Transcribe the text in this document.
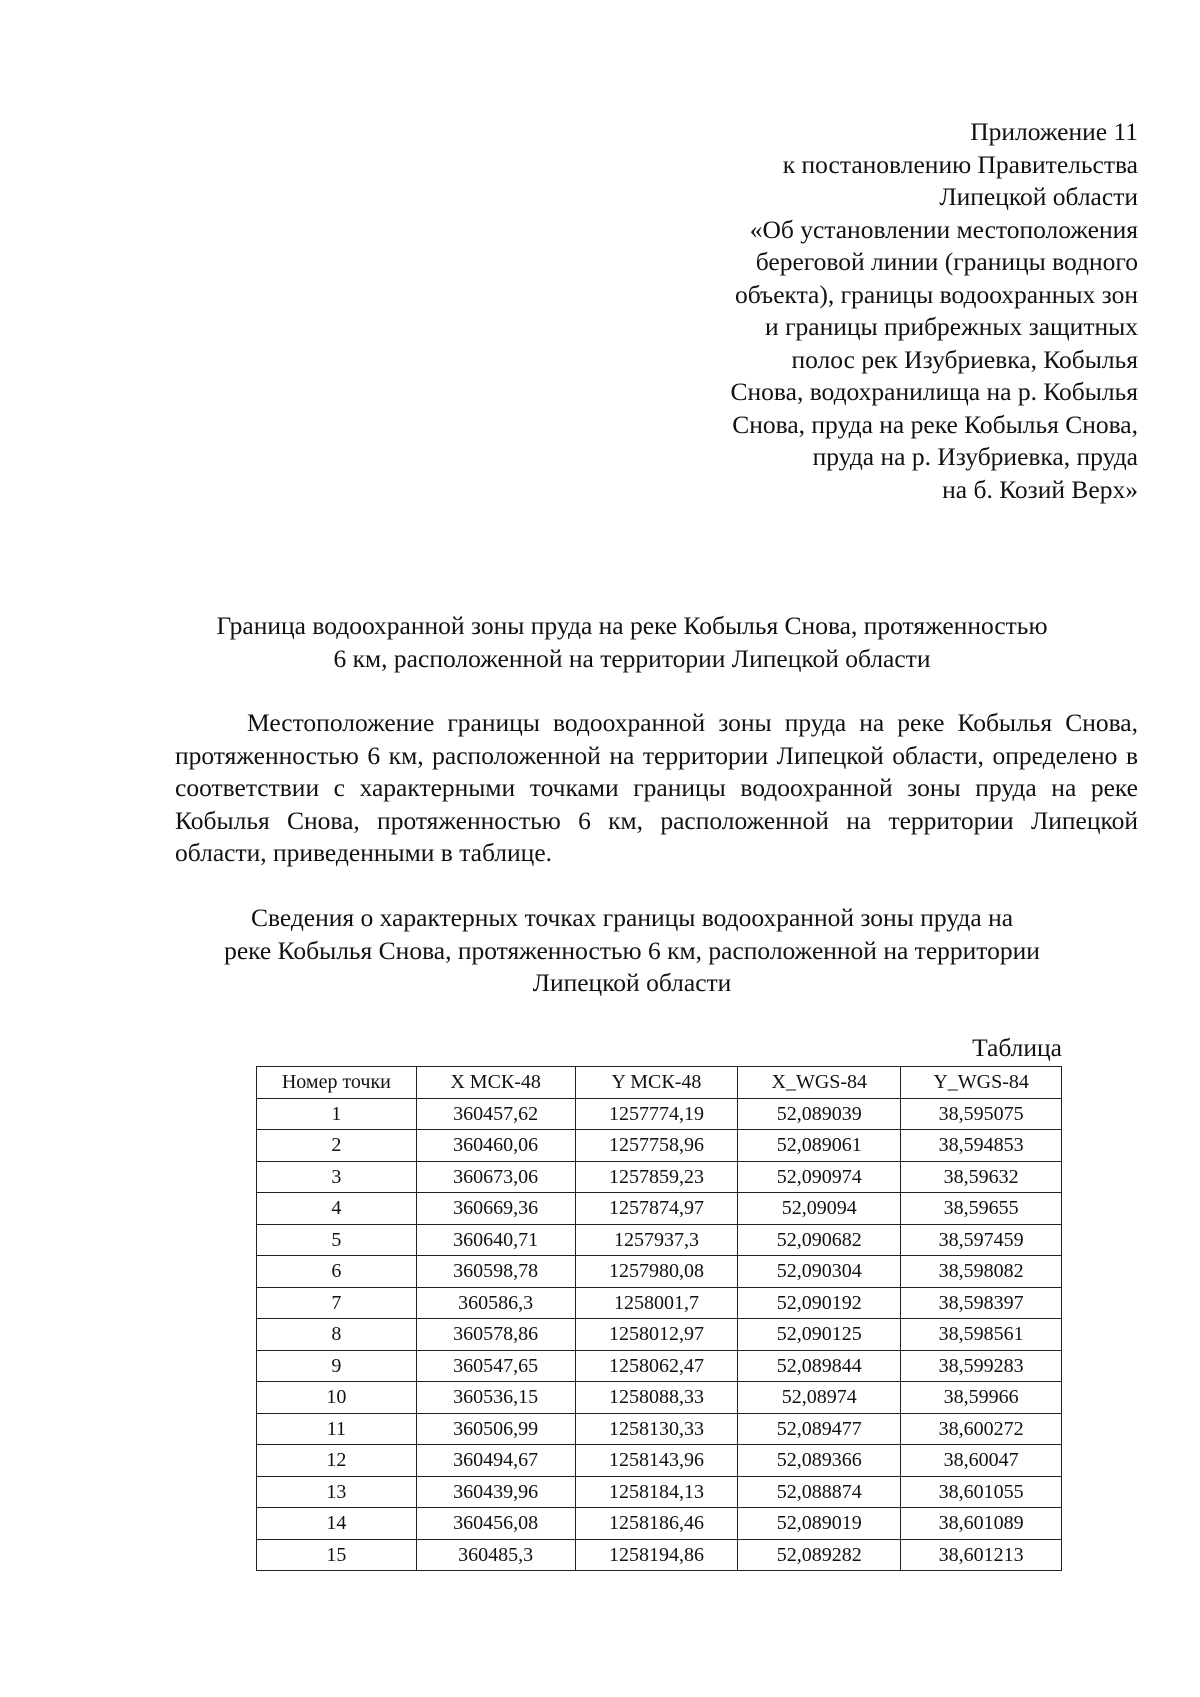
Приложение 11
к постановлению Правительства
Липецкой области
«Об установлении местоположения
береговой линии (границы водного
объекта), границы водоохранных зон
и границы прибрежных защитных
полос рек Изубриевка, Кобылья
Снова, водохранилища на р. Кобылья
Снова, пруда на реке Кобылья Снова,
пруда на р. Изубриевка, пруда
на б. Козий Верх»
Граница водоохранной зоны пруда на реке Кобылья Снова, протяженностью
6 км, расположенной на территории Липецкой области

Местоположение границы водоохранной зоны пруда на реке Кобылья Снова, протяженностью 6 км, расположенной на территории Липецкой области, определено в соответствии с характерными точками границы водоохранной зоны пруда на реке Кобылья Снова, протяженностью 6 км, расположенной на территории Липецкой области, приведенными в таблице.

Сведения о характерных точках границы водоохранной зоны пруда на
реке Кобылья Снова, протяженностью 6 км, расположенной на территории
Липецкой области
Таблица
Номер точки	X МСК-48	Y МСК-48	X_WGS-84	Y_WGS-84
1	360457,62	1257774,19	52,089039	38,595075
2	360460,06	1257758,96	52,089061	38,594853
3	360673,06	1257859,23	52,090974	38,59632
4	360669,36	1257874,97	52,09094	38,59655
5	360640,71	1257937,3	52,090682	38,597459
6	360598,78	1257980,08	52,090304	38,598082
7	360586,3	1258001,7	52,090192	38,598397
8	360578,86	1258012,97	52,090125	38,598561
9	360547,65	1258062,47	52,089844	38,599283
10	360536,15	1258088,33	52,08974	38,59966
11	360506,99	1258130,33	52,089477	38,600272
12	360494,67	1258143,96	52,089366	38,60047
13	360439,96	1258184,13	52,088874	38,601055
14	360456,08	1258186,46	52,089019	38,601089
15	360485,3	1258194,86	52,089282	38,601213
